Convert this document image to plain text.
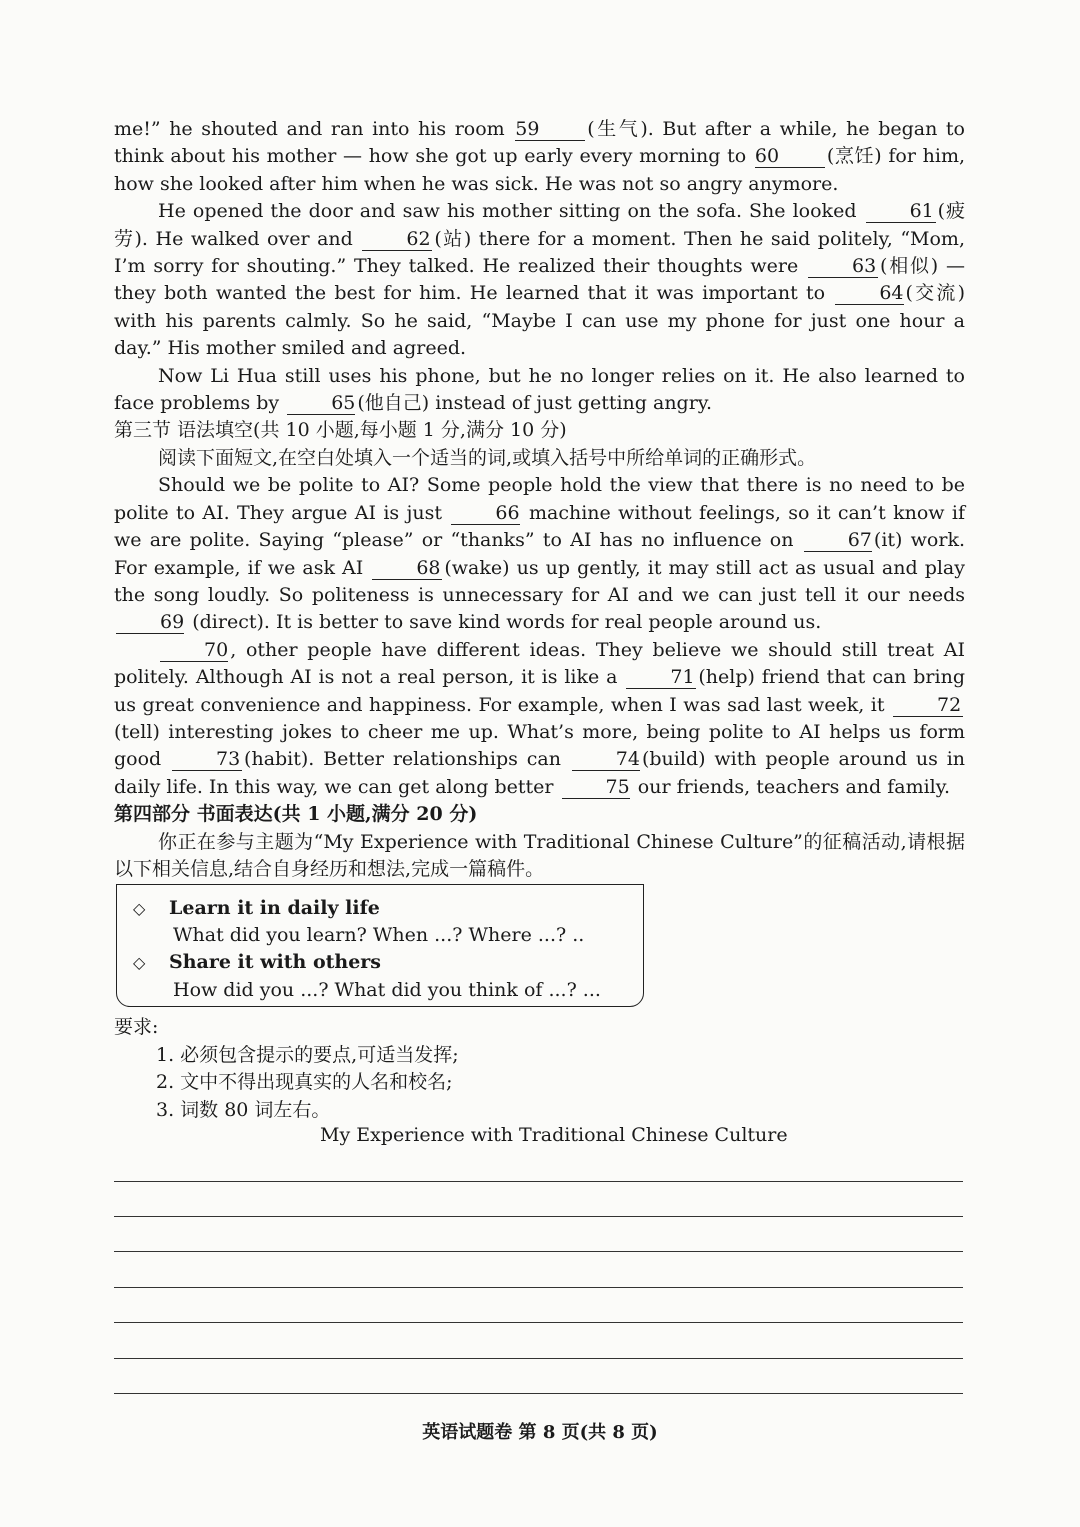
me!” he shouted and ran into his room 59	(生气). But after a while, he began to think about his mother — how she got up early every morning to 60	(烹饪) for him, how she looked after him when he was sick. He was not so angry anymore.

He opened the door and saw his mother sitting on the sofa. She looked	61 (疲劳). He walked over and	62 (站) there for a moment. Then he said politely, “Mom, I’m sorry for shouting.” They talked. He realized their thoughts were	63 (相似) — they both wanted the best for him. He learned that it was important to	64 (交流) with his parents calmly. So he said, “Maybe I can use my phone for just one hour a day.” His mother smiled and agreed.

Now Li Hua still uses his phone, but he no longer relies on it. He also learned to face problems by	65 (他自己) instead of just getting angry.

第三节 语法填空(共 10 小题,每小题 1 分,满分 10 分)

阅读下面短文,在空白处填入一个适当的词,或填入括号中所给单词的正确形式。

Should we be polite to AI? Some people hold the view that there is no need to be polite to AI. They argue AI is just	66 machine without feelings, so it can’t know if we are polite. Saying “please” or “thanks” to AI has no influence on	67 (it) work. For example, if we ask AI	68 (wake) us up gently, it may still act as usual and play the song loudly. So politeness is unnecessary for AI and we can just tell it our needs 69 (direct). It is better to save kind words for real people around us.

70 , other people have different ideas. They believe we should still treat AI politely. Although AI is not a real person, it is like a	71 (help) friend that can bring us great convenience and happiness. For example, when I was sad last week, it	72(tell) interesting jokes to cheer me up. What’s more, being polite to AI helps us form good	73 (habit). Better relationships can	74 (build) with people around us in daily life. In this way, we can get along better	75 our friends, teachers and family.

第四部分 书面表达(共 1 小题,满分 20 分)

你正在参与主题为“My Experience with Traditional Chinese Culture”的征稿活动,请根据以下相关信息,结合自身经历和想法,完成一篇稿件。

◇ Learn it in daily life
What did you learn? When ...? Where ...? ..
◇ Share it with others
How did you ...? What did you think of ...? ...
要求:
1. 必须包含提示的要点,可适当发挥;
2. 文中不得出现真实的人名和校名;
3. 词数 80 词左右。
My Experience with Traditional Chinese Culture
英语试题卷 第 8 页(共 8 页)
